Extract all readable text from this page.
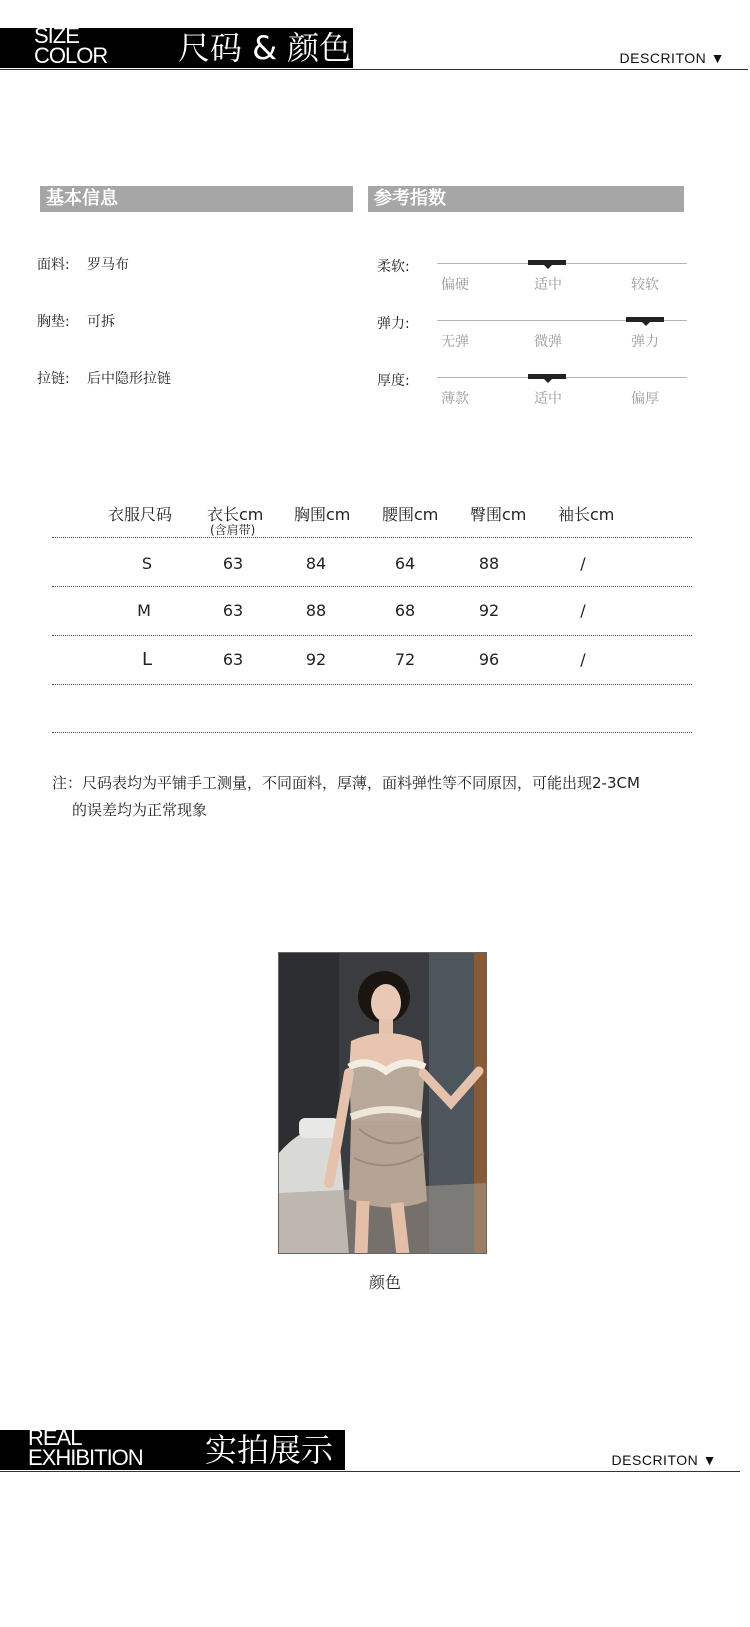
SIZE
COLOR 尺码 & 颜色	DESCRITON ▼
基本信息	参考指数
面料: 罗马布
胸垫: 可拆
拉链: 后中隐形拉链
柔软:
偏硬	适中	较软
弹力:
无弹	微弹	弹力
厚度:
薄款	适中	偏厚
衣服尺码 衣长cm 胸围cm 腰围cm 臀围cm 袖长cm
(含肩带)
S	63	84	64	88	/
M	63	88	68	92	/
L	63	92	72	96	/
注：尺码表均为平铺手工测量，不同面料，厚薄，面料弹性等不同原因，可能出现2-3CM
的误差均为正常现象
颜色
REAL
EXHIBITION 实拍展示	DESCRITON ▼
